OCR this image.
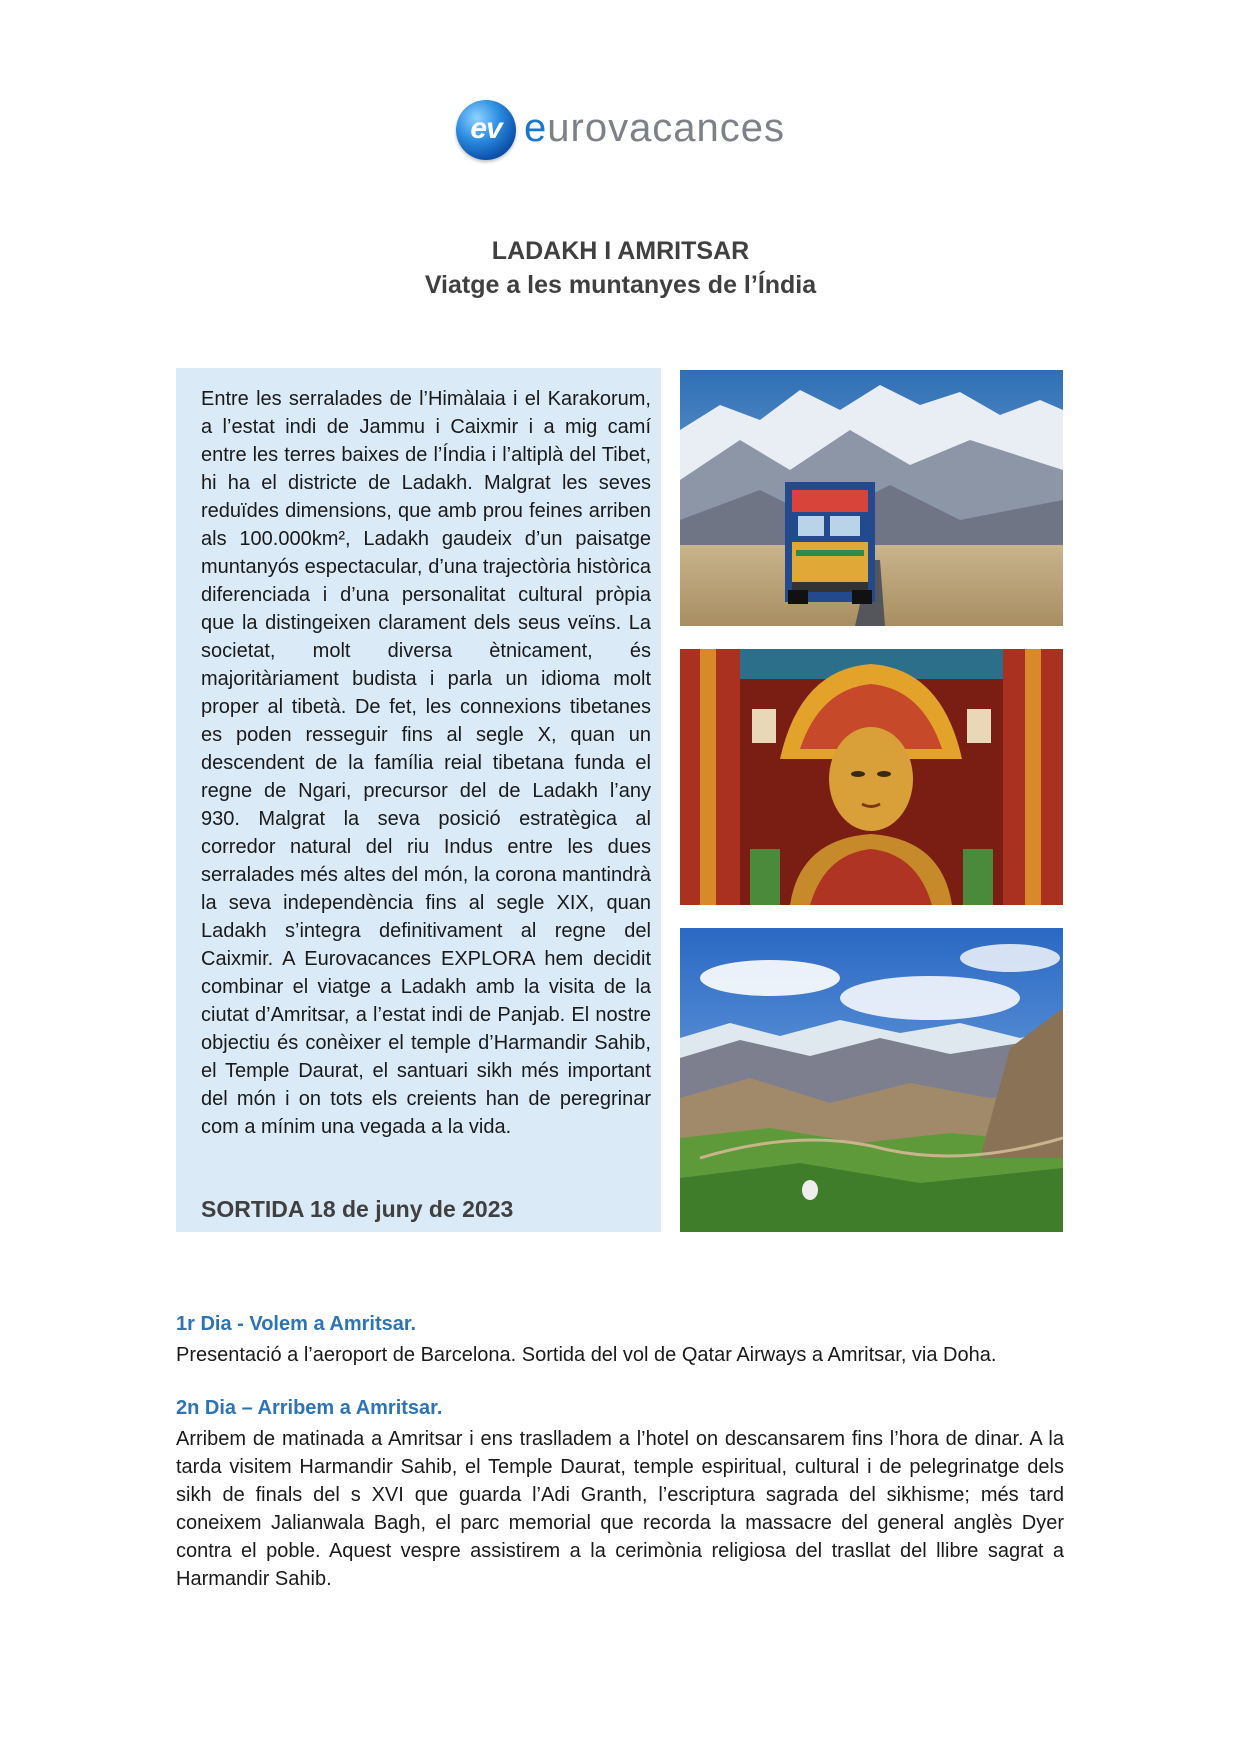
ev eurovacances
LADAKH I AMRITSAR
Viatge a les muntanyes de l’Índia

Entre les serralades de l’Himàlaia i el Karakorum, a l’estat indi de Jammu i Caixmir i a mig camí entre les terres baixes de l’Índia i l’altiplà del Tibet, hi ha el districte de Ladakh. Malgrat les seves reduïdes dimensions, que amb prou feines arriben als 100.000km², Ladakh gaudeix d’un paisatge muntanyós espectacular, d’una trajectòria històrica diferenciada i d’una personalitat cultural pròpia que la distingeixen clarament dels seus veïns. La societat, molt diversa ètnicament, és majoritàriament budista i parla un idioma molt proper al tibetà. De fet, les connexions tibetanes es poden resseguir fins al segle X, quan un descendent de la família reial tibetana funda el regne de Ngari, precursor del de Ladakh l’any 930. Malgrat la seva posició estratègica al corredor natural del riu Indus entre les dues serralades més altes del món, la corona mantindrà la seva independència fins al segle XIX, quan Ladakh s’integra definitivament al regne del Caixmir. A Eurovacances EXPLORA hem decidit combinar el viatge a Ladakh amb la visita de la ciutat d’Amritsar, a l’estat indi de Panjab. El nostre objectiu és conèixer el temple d’Harmandir Sahib, el Temple Daurat, el santuari sikh més important del món i on tots els creients han de peregrinar com a mínim una vegada a la vida.

SORTIDA 18 de juny de 2023
1r Dia - Volem a Amritsar.

Presentació a l’aeroport de Barcelona. Sortida del vol de Qatar Airways a Amritsar, via Doha.

2n Dia – Arribem a Amritsar.

Arribem de matinada a Amritsar i ens traslladem a l’hotel on descansarem fins l’hora de dinar. A la tarda visitem Harmandir Sahib, el Temple Daurat, temple espiritual, cultural i de pelegrinatge dels sikh de finals del s XVI que guarda l’Adi Granth, l’escriptura sagrada del sikhisme; més tard coneixem Jalianwala Bagh, el parc memorial que recorda la massacre del general anglès Dyer contra el poble. Aquest vespre assistirem a la cerimònia religiosa del trasllat del llibre sagrat a Harmandir Sahib.
